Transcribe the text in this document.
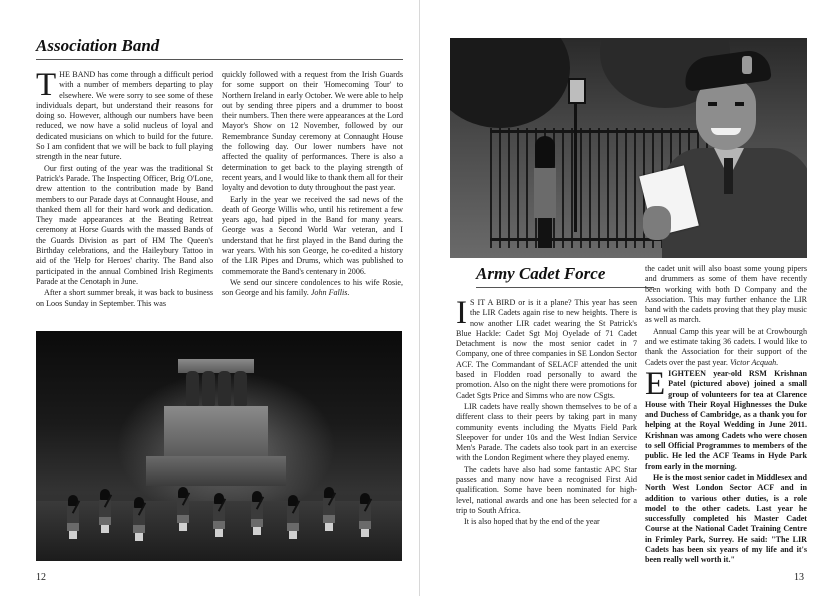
Association Band

THE BAND has come through a difficult period with a number of members departing to play elsewhere. We were sorry to see some of these individuals depart, but understand their reasons for doing so. However, although our numbers have been reduced, we now have a solid nucleus of loyal and dedicated musicians on which to build for the future. So I am confident that we will be back to full playing strength in the near future.

Our first outing of the year was the traditional St Patrick's Parade. The Inspecting Officer, Brig O'Lone, drew attention to the contribution made by Band members to our Parade days at Connaught House, and thanked them all for their hard work and dedication. They made appearances at the Beating Retreat ceremony at Horse Guards with the massed Bands of the Guards Division as part of HM The Queen's Birthday celebrations, and the Haileybury Tattoo in aid of the 'Help for Heroes' charity. The Band also participated in the annual Combined Irish Regiments Parade at the Cenotaph in June.

After a short summer break, it was back to business on Loos Sunday in September. This was

quickly followed with a request from the Irish Guards for some support on their 'Homecoming Tour' to Northern Ireland in early October. We were able to help out by sending three pipers and a drummer to boost their numbers. Then there were appearances at the Lord Mayor's Show on 12 November, followed by our Remembrance Sunday ceremony at Connaught House the following day. Our lower numbers have not affected the quality of performances. There is also a determination to get back to the playing strength of recent years, and I would like to thank them all for their loyalty and devotion to duty throughout the past year.

Early in the year we received the sad news of the death of George Willis who, until his retirement a few years ago, had piped in the Band for many years. George was a Second World War veteran, and I understand that he first played in the Band during the war years. With his son George, he co-edited a history of the LIR Pipes and Drums, which was published to commemorate the Band's centenary in 2006.

We send our sincere condolences to his wife Rosie, son George and his family. John Fallis.

12
Army Cadet Force

I S IT A BIRD or is it a plane? This year has seen the LIR Cadets again rise to new heights. There is now another LIR cadet wearing the St Patrick's Blue Hackle: Cadet Sgt Moj Oyelade of 71 Cadet Detachment is now the most senior cadet in 7 Company, one of three companies in SE London Sector ACF. The Commandant of SELACF attended the unit based in Flodden road personally to award the promotion. Also on the night there were promotions for Cadet Sgts Price and Simms who are now CSgts.

LIR cadets have really shown themselves to be of a different class to their peers by taking part in many community events including the Myatts Field Park Sleepover for under 10s and the West Indian Service Men's Parade. The cadets also took part in an exercise with the London Regiment where they played enemy.

The cadets have also had some fantastic APC Star passes and many now have a recognised First Aid qualification. Some have been nominated for high-level, national awards and one has been selected for a trip to South Africa.

It is also hoped that by the end of the year

the cadet unit will also boast some young pipers and drummers as some of them have recently been working with both D Company and the Association. This may further enhance the LIR band with the cadets proving that they play music as well as march.

Annual Camp this year will be at Crowbourgh and we estimate taking 36 cadets. I would like to thank the Association for their support of the Cadets over the past year. Victor Acquah.

EIGHTEEN year-old RSM Krishnan Patel (pictured above) joined a small group of volunteers for tea at Clarence House with Their Royal Highnesses the Duke and Duchess of Cambridge, as a thank you for helping at the Royal Wedding in June 2011. Krishnan was among Cadets who were chosen to sell Official Programmes to members of the public. He led the ACF Teams in Hyde Park from early in the morning.

He is the most senior cadet in Middlesex and North West London Sector ACF and in addition to various other duties, is a role model to the other cadets. Last year he successfully completed his Master Cadet Course at the National Cadet Training Centre in Frimley Park, Surrey. He said: "The LIR Cadets has been six years of my life and it's been really well worth it."

13
